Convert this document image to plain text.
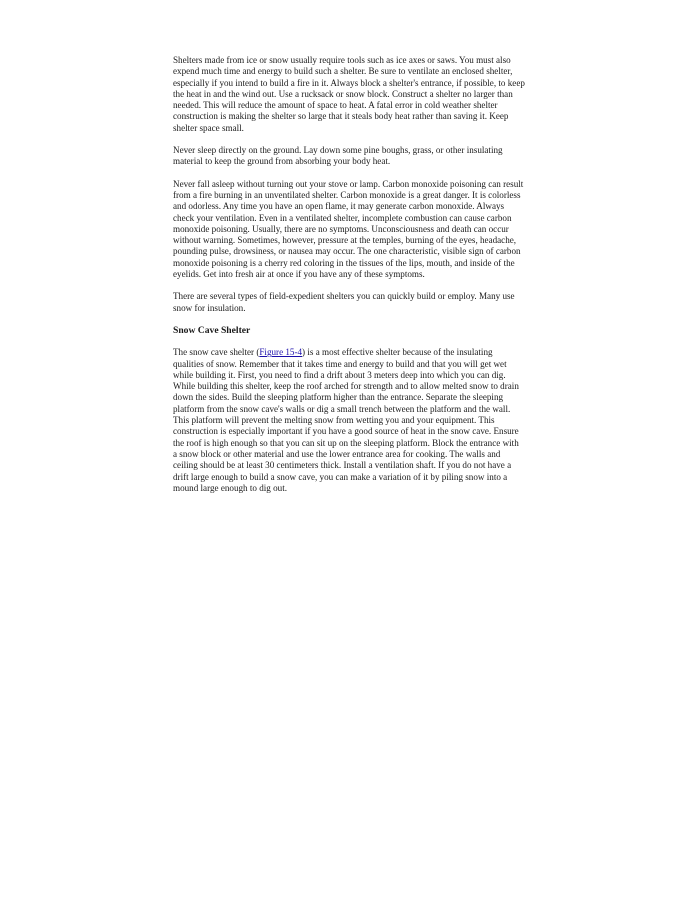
Shelters made from ice or snow usually require tools such as ice axes or saws. You must also expend much time and energy to build such a shelter. Be sure to ventilate an enclosed shelter, especially if you intend to build a fire in it. Always block a shelter's entrance, if possible, to keep the heat in and the wind out. Use a rucksack or snow block. Construct a shelter no larger than needed. This will reduce the amount of space to heat. A fatal error in cold weather shelter construction is making the shelter so large that it steals body heat rather than saving it. Keep shelter space small.

Never sleep directly on the ground. Lay down some pine boughs, grass, or other insulating material to keep the ground from absorbing your body heat.

Never fall asleep without turning out your stove or lamp. Carbon monoxide poisoning can result from a fire burning in an unventilated shelter. Carbon monoxide is a great danger. It is colorless and odorless. Any time you have an open flame, it may generate carbon monoxide. Always check your ventilation. Even in a ventilated shelter, incomplete combustion can cause carbon monoxide poisoning. Usually, there are no symptoms. Unconsciousness and death can occur without warning. Sometimes, however, pressure at the temples, burning of the eyes, headache, pounding pulse, drowsiness, or nausea may occur. The one characteristic, visible sign of carbon monoxide poisoning is a cherry red coloring in the tissues of the lips, mouth, and inside of the eyelids. Get into fresh air at once if you have any of these symptoms.

There are several types of field-expedient shelters you can quickly build or employ. Many use snow for insulation.

Snow Cave Shelter

The snow cave shelter (Figure 15-4) is a most effective shelter because of the insulating qualities of snow. Remember that it takes time and energy to build and that you will get wet while building it. First, you need to find a drift about 3 meters deep into which you can dig. While building this shelter, keep the roof arched for strength and to allow melted snow to drain down the sides. Build the sleeping platform higher than the entrance. Separate the sleeping platform from the snow cave's walls or dig a small trench between the platform and the wall. This platform will prevent the melting snow from wetting you and your equipment. This construction is especially important if you have a good source of heat in the snow cave. Ensure the roof is high enough so that you can sit up on the sleeping platform. Block the entrance with a snow block or other material and use the lower entrance area for cooking. The walls and ceiling should be at least 30 centimeters thick. Install a ventilation shaft. If you do not have a drift large enough to build a snow cave, you can make a variation of it by piling snow into a mound large enough to dig out.
